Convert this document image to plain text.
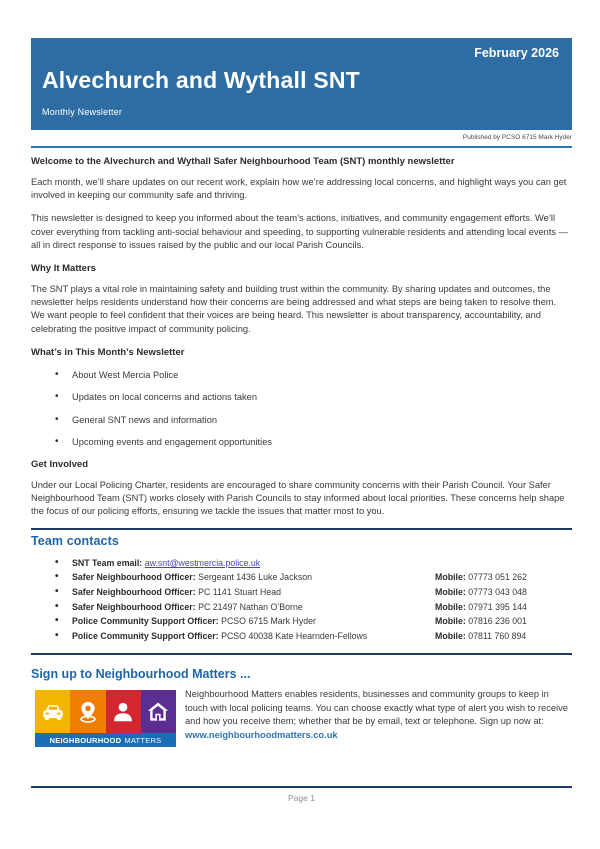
February 2026
Alvechurch and Wythall SNT
Monthly Newsletter
Published by PCSO 6715 Mark Hyder
Welcome to the Alvechurch and Wythall Safer Neighbourhood Team (SNT) monthly newsletter

Each month, we’ll share updates on our recent work, explain how we’re addressing local concerns, and highlight ways you can get involved in keeping our community safe and thriving.

This newsletter is designed to keep you informed about the team’s actions, initiatives, and community engagement efforts. We’ll cover everything from tackling anti-social behaviour and speeding, to supporting vulnerable residents and attending local events — all in direct response to issues raised by the public and our local Parish Councils.

Why It Matters

The SNT plays a vital role in maintaining safety and building trust within the community. By sharing updates and outcomes, the newsletter helps residents understand how their concerns are being addressed and what steps are being taken to resolve them. We want people to feel confident that their voices are being heard. This newsletter is about transparency, accountability, and celebrating the positive impact of community policing.

What’s in This Month’s Newsletter
• About West Mercia Police
• Updates on local concerns and actions taken
• General SNT news and information
• Upcoming events and engagement opportunities
Get Involved

Under our Local Policing Charter, residents are encouraged to share community concerns with their Parish Council. Your Safer Neighbourhood Team (SNT) works closely with Parish Councils to stay informed about local priorities. These concerns help shape the focus of our policing efforts, ensuring we tackle the issues that matter most to you.

Team contacts
• SNT Team email: aw.snt@westmercia.police.uk
• Safer Neighbourhood Officer: Sergeant 1436 Luke Jackson	Mobile: 07773 051 262
• Safer Neighbourhood Officer: PC 1141 Stuart Head	Mobile: 07773 043 048
• Safer Neighbourhood Officer: PC 21497 Nathan O’Borne	Mobile: 07971 395 144
• Police Community Support Officer: PCSO 6715 Mark Hyder	Mobile: 07816 236 001
• Police Community Support Officer: PCSO 40038 Kate Hearnden-Fellows	Mobile: 07811 760 894
Sign up to Neighbourhood Matters ...
NEIGHBOURHOOD MATTERS
Neighbourhood Matters enables residents, businesses and community groups to keep in touch with local policing teams. You can choose exactly what type of alert you wish to receive and how you receive them; whether that be by email, text or telephone. Sign up now at: www.neighbourhoodmatters.co.uk
Page 1
